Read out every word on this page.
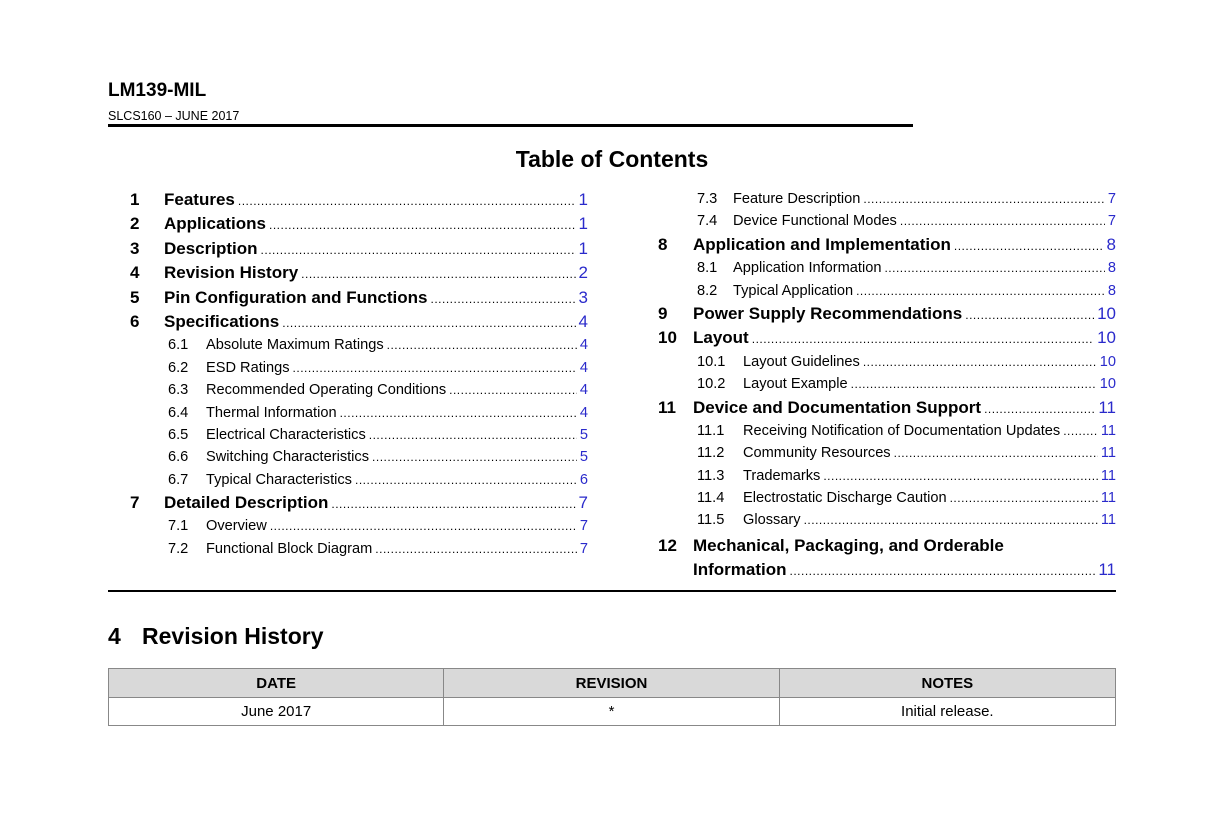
LM139-MIL
SLCS160 – JUNE 2017
Table of Contents
1	Features .....	1
2	Applications .....	1
3	Description .....	1
4	Revision History .....	2
5	Pin Configuration and Functions .....	3
6	Specifications .....	4
6.1	Absolute Maximum Ratings .....	4
6.2	ESD Ratings .....	4
6.3	Recommended Operating Conditions .....	4
6.4	Thermal Information .....	4
6.5	Electrical Characteristics .....	5
6.6	Switching Characteristics .....	5
6.7	Typical Characteristics .....	6
7	Detailed Description .....	7
7.1	Overview .....	7
7.2	Functional Block Diagram .....	7
7.3	Feature Description .....	7
7.4	Device Functional Modes .....	7
8	Application and Implementation .....	8
8.1	Application Information .....	8
8.2	Typical Application .....	8
9	Power Supply Recommendations .....	10
10 Layout .....	10
10.1	Layout Guidelines .....	10
10.2	Layout Example .....	10
11	Device and Documentation Support .....	11
11.1	Receiving Notification of Documentation Updates .....	11
11.2	Community Resources .....	11
11.3	Trademarks .....	11
11.4	Electrostatic Discharge Caution .....	11
11.5	Glossary .....	11
12 Mechanical, Packaging, and Orderable
Information .....	11
4 Revision History
DATE	REVISION	NOTES
June 2017	*	Initial release.
